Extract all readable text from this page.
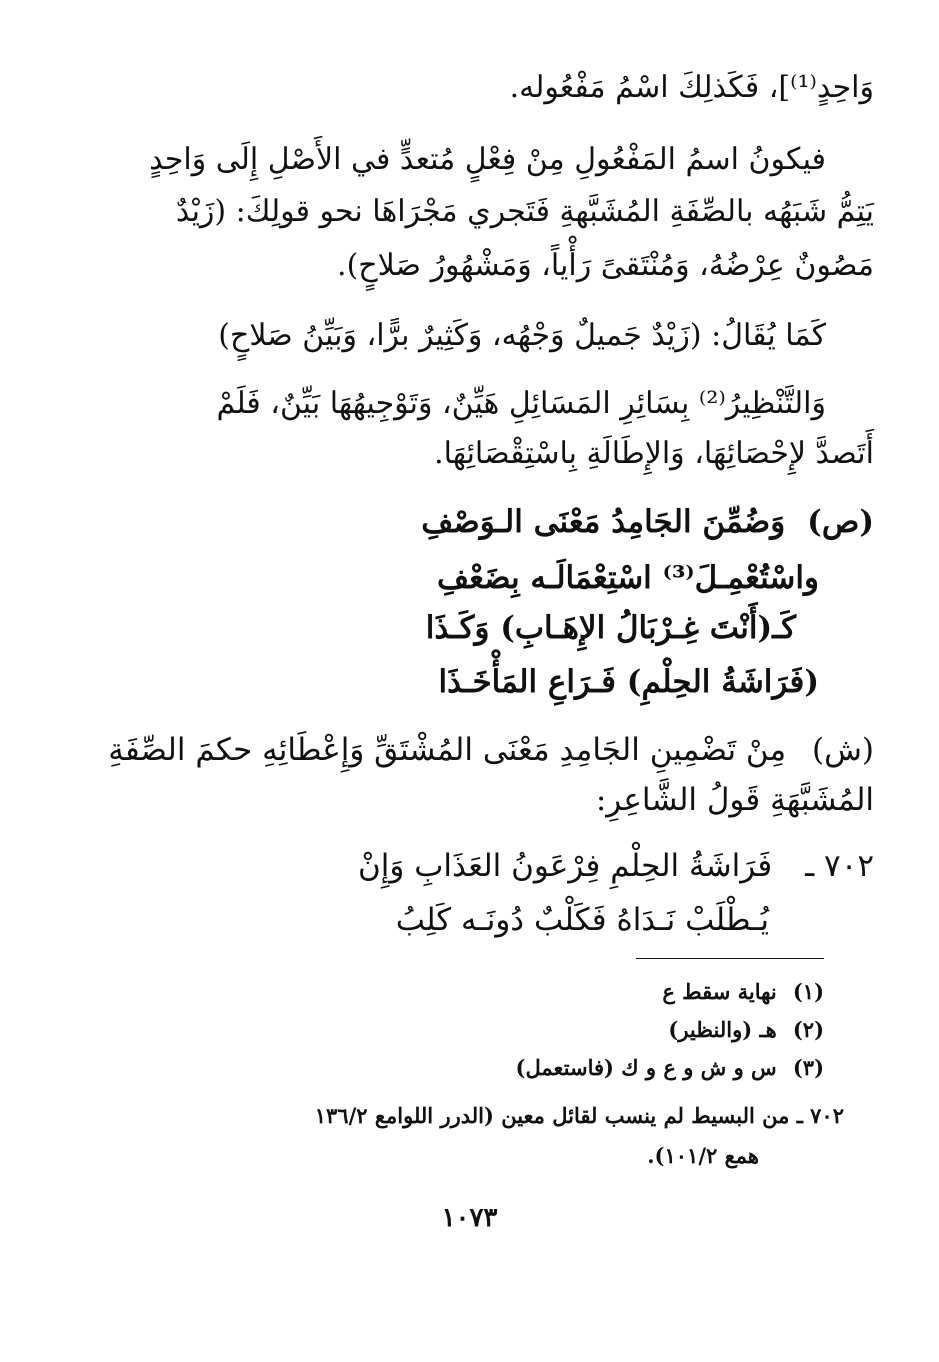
وَاحِدٍ⁽¹⁾]، فَكَذلِكَ اسْمُ مَفْعُوله.
فيكونُ اسمُ المَفْعُولِ مِنْ فِعْلٍ مُتعدٍّ في الأَصْلِ إِلَى وَاحِدٍ
يَتِمُّ شَبَهُه بالصِّفَةِ المُشَبَّهةِ فَتَجري مَجْرَاهَا نحو قولِكَ: (زَيْدٌ
مَصُونٌ عِرْضُهُ، وَمُنْتَقىً رَأْياً، وَمَشْهُورُ صَلاحٍ).
كَمَا يُقَالُ: (زَيْدٌ جَميلٌ وَجْهُه، وَكَثِيرٌ برًّا، وَبَيِّنُ صَلاحٍ)
وَالتَّنْظِيرُ⁽²⁾ بِسَائِرِ المَسَائِلِ هَيِّنٌ، وَتَوْجِيهُهَا بَيِّنٌ، فَلَمْ
أَتَصدَّ لإِحْصَائِهَا، وَالإِطَالَةِ بِاسْتِقْصَائِهَا.
(ص) وَضُمِّنَ الجَامِدُ مَعْنَى الـوَصْفِ
واسْتُعْمِـلَ⁽³⁾ اسْتِعْمَالَـه بِضَعْفِ
كَـ(أَنْتَ غِـرْبَالُ الإِهَـابِ) وَكَـذَا
(فَرَاشَةُ الحِلْمِ) فَـرَاعِ المَأْخَـذَا
(ش) مِنْ تَضْمِينِ الجَامِدِ مَعْنَى المُشْتَقِّ وَإِعْطَائِهِ حكمَ الصِّفَةِ
المُشَبَّهَةِ قَولُ الشَّاعِرِ:
٧٠٢ ـ فَرَاشَةُ الحِلْمِ فِرْعَونُ العَذَابِ وَإِنْ
يُـطْلَبْ نَـدَاهُ فَكَلْبٌ دُونَـه كَلِبُ
(١) نهاية سقط ع
(٢) هـ (والنظير)
(٣) س و ش و ع و ك (فاستعمل)
٧٠٢ ـ من البسيط لم ينسب لقائل معين (الدرر اللوامع ١٣٦/٢
همع ١٠١/٢).
١٠٧٣
